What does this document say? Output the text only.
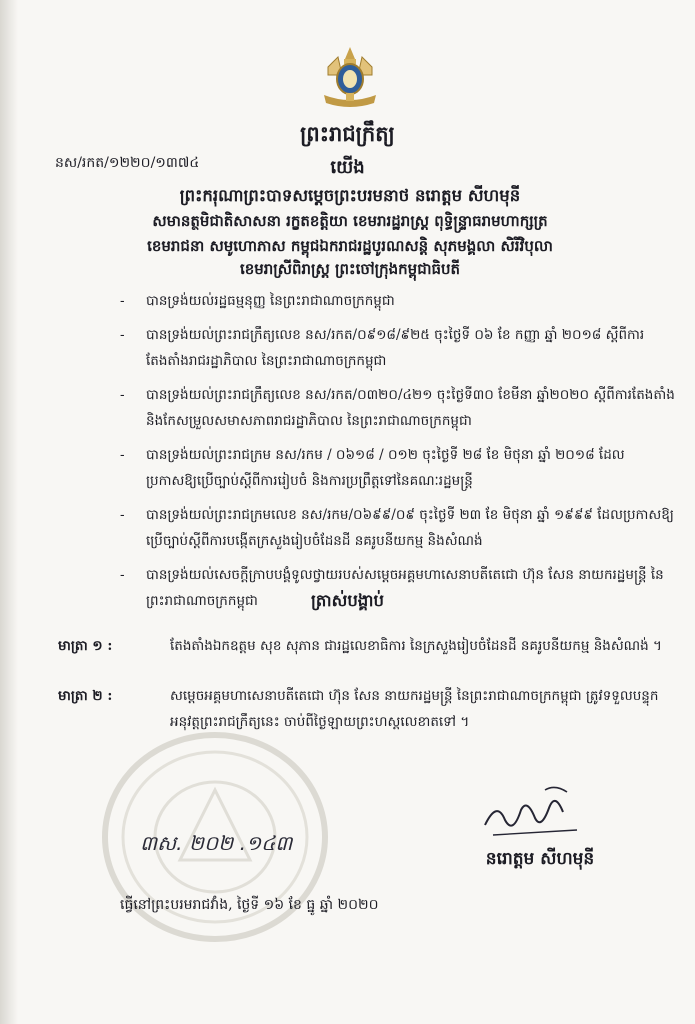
ព្រះរាជក្រឹត្យ
នស/រកត/១២២០/១៣៧៤	យើង
ព្រះករុណាព្រះបាទសម្តេចព្រះបរមនាថ នរោត្តម សីហមុនី
សមានត្ថមិជាតិសាសនា រក្ខតខត្តិយា ខេមរារដ្ឋរាស្ត្រ ពុទ្ធិន្ទ្រាធរាមហាក្សត្រ
ខេមរាជនា សមូហោភាស កម្ពុជឯករាជរដ្ឋបូរណសន្តិ សុភមង្គលា សិរីវិបុលា
ខេមរាស្រីពិរាស្ត្រ ព្រះចៅក្រុងកម្ពុជាធិបតី
- បានទ្រង់យល់រដ្ឋធម្មនុញ្ញ នៃព្រះរាជាណាចក្រកម្ពុជា
- បានទ្រង់យល់ព្រះរាជក្រឹត្យលេខ នស/រកត/០៩១៨/៩២៥ ចុះថ្ងៃទី ០៦ ខែ កញ្ញា ឆ្នាំ ២០១៨ ស្តីពីការតែងតាំងរាជរដ្ឋាភិបាល នៃព្រះរាជាណាចក្រកម្ពុជា
- បានទ្រង់យល់ព្រះរាជក្រឹត្យលេខ នស/រកត/០៣២០/៤២១ ចុះថ្ងៃទី៣០ ខែមីនា ឆ្នាំ២០២០ ស្តីពីការតែងតាំង និងកែសម្រួលសមាសភាពរាជរដ្ឋាភិបាល នៃព្រះរាជាណាចក្រកម្ពុជា
- បានទ្រង់យល់ព្រះរាជក្រម នស/រកម / ០៦១៨ / ០១២ ចុះថ្ងៃទី ២៨ ខែ មិថុនា ឆ្នាំ ២០១៨ ដែលប្រកាសឱ្យប្រើច្បាប់ស្តីពីការរៀបចំ និងការប្រព្រឹត្តទៅនៃគណៈរដ្ឋមន្ត្រី
- បានទ្រង់យល់ព្រះរាជក្រមលេខ នស/រកម/០៦៩៩/០៩ ចុះថ្ងៃទី ២៣ ខែ មិថុនា ឆ្នាំ ១៩៩៩ ដែលប្រកាសឱ្យប្រើច្បាប់ស្តីពីការបង្កើតក្រសួងរៀបចំដែនដី នគរូបនីយកម្ម និងសំណង់
- បានទ្រង់យល់សេចក្តីក្រាបបង្គំទូលថ្វាយរបស់សម្តេចអគ្គមហាសេនាបតីតេជោ ហ៊ុន សែន នាយករដ្ឋមន្ត្រី នៃព្រះរាជាណាចក្រកម្ពុជា	ត្រាស់បង្គាប់
មាត្រា ១ :	តែងតាំងឯកឧត្តម សុខ សុភាន ជារដ្ឋលេខាធិការ នៃក្រសួងរៀបចំដែនដី នគរូបនីយកម្ម និងសំណង់ ។
មាត្រា ២ :	សម្តេចអគ្គមហាសេនាបតីតេជោ ហ៊ុន សែន នាយករដ្ឋមន្ត្រី នៃព្រះរាជាណាចក្រកម្ពុជា ត្រូវទទួលបន្ទុកអនុវត្តព្រះរាជក្រឹត្យនេះ ចាប់ពីថ្ងៃឡាយព្រះហស្តលេខាតទៅ ។
៣ស. ២០២ .១៤៣
នរោត្តម សីហមុនី
ធ្វើនៅព្រះបរមរាជវាំង, ថ្ងៃទី ១៦ ខែ ធ្នូ ឆ្នាំ ២០២០
